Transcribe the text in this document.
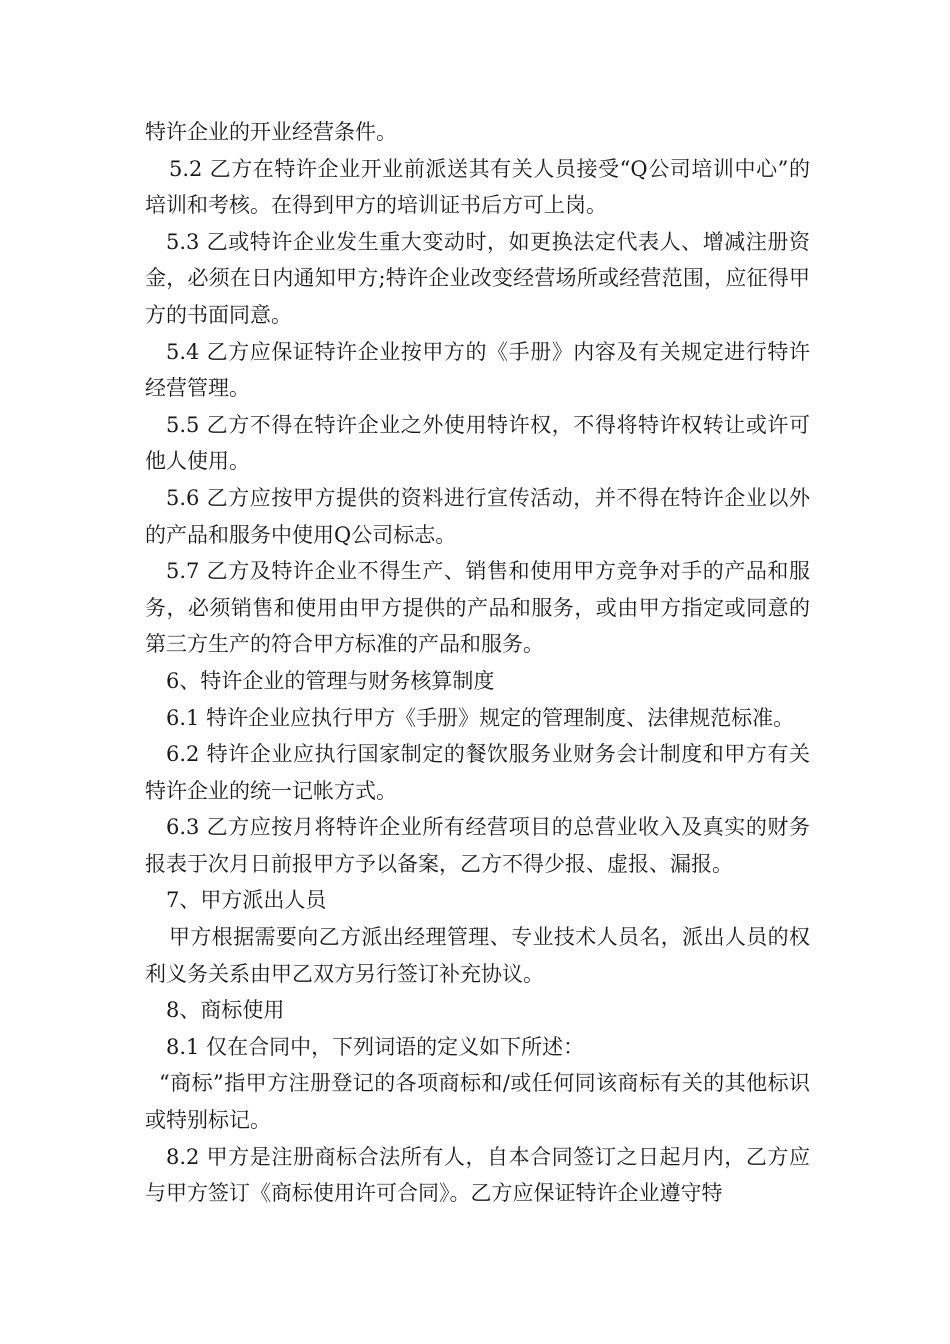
特许企业的开业经营条件。

5.2 乙方在特许企业开业前派送其有关人员接受“Q公司培训中心”的培训和考核。在得到甲方的培训证书后方可上岗。

5.3 乙或特许企业发生重大变动时，如更换法定代表人、增减注册资金，必须在日内通知甲方;特许企业改变经营场所或经营范围，应征得甲方的书面同意。

5.4 乙方应保证特许企业按甲方的《手册》内容及有关规定进行特许经营管理。

5.5 乙方不得在特许企业之外使用特许权，不得将特许权转让或许可他人使用。

5.6 乙方应按甲方提供的资料进行宣传活动，并不得在特许企业以外的产品和服务中使用Q公司标志。

5.7 乙方及特许企业不得生产、销售和使用甲方竞争对手的产品和服务，必须销售和使用由甲方提供的产品和服务，或由甲方指定或同意的第三方生产的符合甲方标准的产品和服务。

6、特许企业的管理与财务核算制度

6.1 特许企业应执行甲方《手册》规定的管理制度、法律规范标准。

6.2 特许企业应执行国家制定的餐饮服务业财务会计制度和甲方有关特许企业的统一记帐方式。

6.3 乙方应按月将特许企业所有经营项目的总营业收入及真实的财务报表于次月日前报甲方予以备案，乙方不得少报、虚报、漏报。

7、甲方派出人员

甲方根据需要向乙方派出经理管理、专业技术人员名，派出人员的权利义务关系由甲乙双方另行签订补充协议。

8、商标使用

8.1 仅在合同中，下列词语的定义如下所述：

“商标”指甲方注册登记的各项商标和/或任何同该商标有关的其他标识或特别标记。

8.2 甲方是注册商标合法所有人，自本合同签订之日起月内，乙方应与甲方签订《商标使用许可合同》。乙方应保证特许企业遵守特
